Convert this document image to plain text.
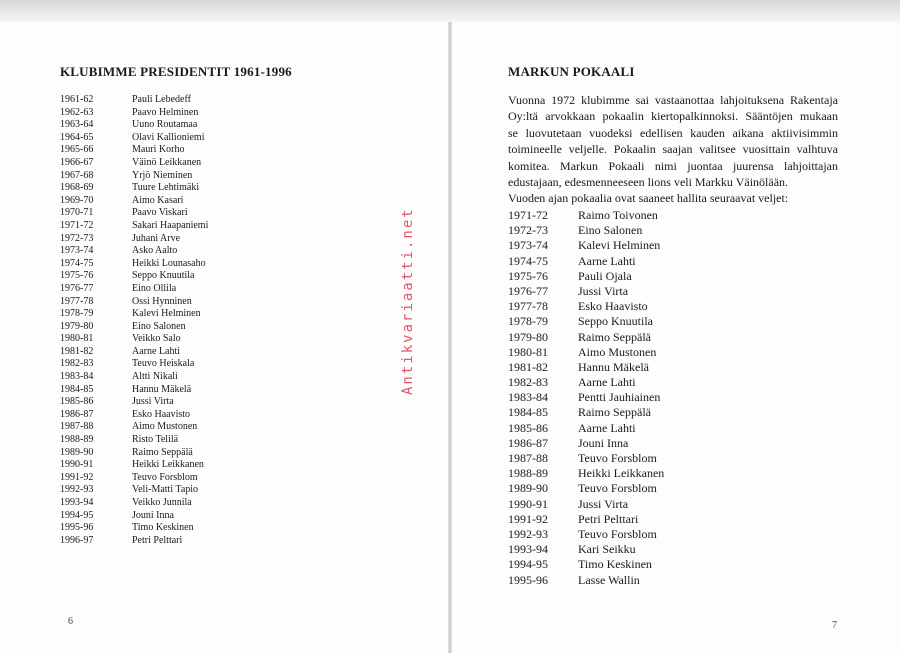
KLUBIMME PRESIDENTIT 1961-1996
1961-62	Pauli Lebedeff
1962-63	Paavo Helminen
1963-64	Uuno Routamaa
1964-65	Olavi Kallioniemi
1965-66	Mauri Korho
1966-67	Väinö Leikkanen
1967-68	Yrjö Nieminen
1968-69	Tuure Lehtimäki
1969-70	Aimo Kasari
1970-71	Paavo Viskari
1971-72	Sakari Haapaniemi
1972-73	Juhani Arve
1973-74	Asko Aalto
1974-75	Heikki Lounasaho
1975-76	Seppo Knuutila
1976-77	Eino Ollila
1977-78	Ossi Hynninen
1978-79	Kalevi Helminen
1979-80	Eino Salonen
1980-81	Veikko Salo
1981-82	Aarne Lahti
1982-83	Teuvo Heiskala
1983-84	Altti Nikali
1984-85	Hannu Mäkelä
1985-86	Jussi Virta
1986-87	Esko Haavisto
1987-88	Aimo Mustonen
1988-89	Risto Telilä
1989-90	Raimo Seppälä
1990-91	Heikki Leikkanen
1991-92	Teuvo Forsblom
1992-93	Veli-Matti Tapio
1993-94	Veikko Junnila
1994-95	Jouni Inna
1995-96	Timo Keskinen
1996-97	Petri Pelttari
6
Antikvariaatti.net
MARKUN POKAALI

Vuonna 1972 klubimme sai vastaanottaa lahjoituksena Rakentaja

Oy:ltä arvokkaan pokaalin kiertopalkinnoksi. Sääntöjen mukaan

se luovutetaan vuodeksi edellisen kauden aikana aktiivisimmin

toimineelle veljelle. Pokaalin saajan valitsee vuosittain valhtuva

komitea. Markun Pokaali nimi juontaa juurensa lahjoittajan

edustajaan, edesmenneeseen lions veli Markku Väinölään.

Vuoden ajan pokaalia ovat saaneet hallita seuraavat veljet:

1971-72	Raimo Toivonen
1972-73	Eino Salonen
1973-74	Kalevi Helminen
1974-75	Aarne Lahti
1975-76	Pauli Ojala
1976-77	Jussi Virta
1977-78	Esko Haavisto
1978-79	Seppo Knuutila
1979-80	Raimo Seppälä
1980-81	Aimo Mustonen
1981-82	Hannu Mäkelä
1982-83	Aarne Lahti
1983-84	Pentti Jauhiainen
1984-85	Raimo Seppälä
1985-86	Aarne Lahti
1986-87	Jouni Inna
1987-88	Teuvo Forsblom
1988-89	Heikki Leikkanen
1989-90	Teuvo Forsblom
1990-91	Jussi Virta
1991-92	Petri Pelttari
1992-93	Teuvo Forsblom
1993-94	Kari Seikku
1994-95	Timo Keskinen
1995-96	Lasse Wallin
7
